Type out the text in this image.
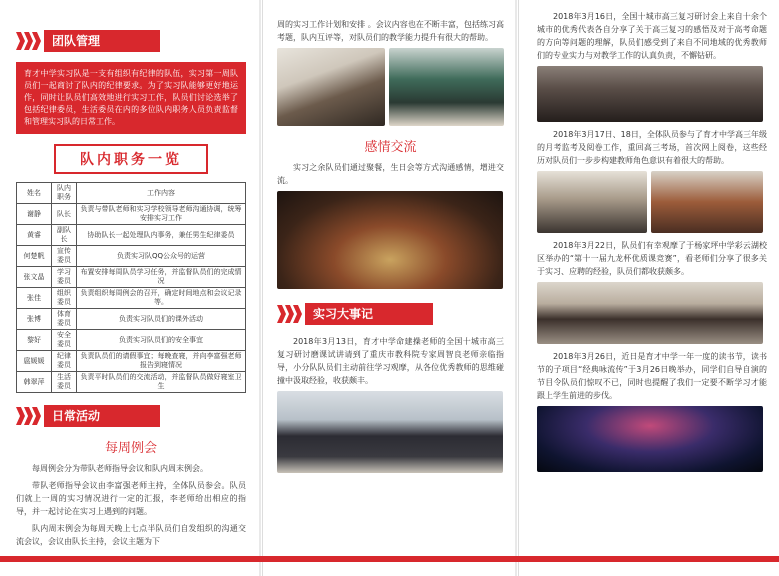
团队管理
育才中学实习队是一支有组织有纪律的队伍，实习第一周队员们一起商讨了队内的纪律要求。为了实习队能够更好地运作，同时让队员们高效地进行实习工作，队员们讨论选举了包括纪律委员，生活委员在内的多位队内职务人员负责监督和管理实习队的日常工作。
队内职务一览
姓名	队内职务	工作内容
谢静	队长	负责与带队老师和实习学校领导老师沟通协调，统筹安排实习工作
黄睿	副队长	协助队长一起处理队内事务，兼任男生纪律委员
何楚帆	宣传委员	负责实习队QQ公众号的运营
张文晶	学习委员	布置安排每周队员学习任务，并监督队员们的完成情况
张佳	组织委员	负责组织每周例会的召开，确定时间地点和会议记录等。
张博	体育委员	负责实习队员们的课外活动
黎好	安全委员	负责实习队员们的安全事宜
扈媛媛	纪律委员	负责队员们的请假事宜；每晚查寝，并向李富强老师报告到寝情况
韩翠萍	生活委员	负责平时队员们的交流活动，并监督队员做好寝室卫生
日常活动
每周例会

每周例会分为带队老师指导会议和队内周末例会。

带队老师指导会议由李富强老师主持，全体队员参会。队员们就上一周的实习情况进行一定的汇报，李老师给出相应的指导，并一起讨论在实习上遇到的问题。

队内周末例会为每周天晚上七点半队员们自发组织的沟通交流会议，会议由队长主持，会议主题为下

周的实习工作计划和安排 。会议内容也在不断丰富，包括练习高考题，队内互评等，对队员们的教学能力提升有很大的帮助。

感情交流

实习之余队员们通过聚餐，生日会等方式沟通感情，增进交流。

实习大事记

2018年3月13日，育才中学命建操老师的全国十城市高三复习研讨磨课试讲请到了重庆市教科院专家周智良老师亲临指导，小分队队员们主动前往学习观摩，从各位优秀教师的思维碰撞中汲取经验，收获颇丰。

2018年3月16日，全国十城市高三复习研讨会上来自十余个城市的优秀代表各自分享了关于高三复习的感悟及对于高考命题的方向等问题的理解，队员们感受到了来自不同地域的优秀教师们的专业实力与对教学工作的认真负责，不懈钻研。

2018年3月17日、18日，全体队员参与了育才中学高三年级的月考监考及阅卷工作，重回高三考场，首次网上阅卷，这些经历对队员们一步步构建教师角色意识有着很大的帮助。

2018年3月22日，队员们有幸观摩了于杨家坪中学彩云湖校区举办的“第十一届九龙杯优质课竞赛”，看老师们分享了很多关于实习、应聘的经验，队员们都收获颇多。

2018年3月26日，近日是育才中学一年一度的读书节，读书节的子项目“经典咏流传”于3月26日晚举办，同学们自导自演的节目令队员们惊叹不已，同时也提醒了我们一定要不断学习才能跟上学生前进的步伐。
